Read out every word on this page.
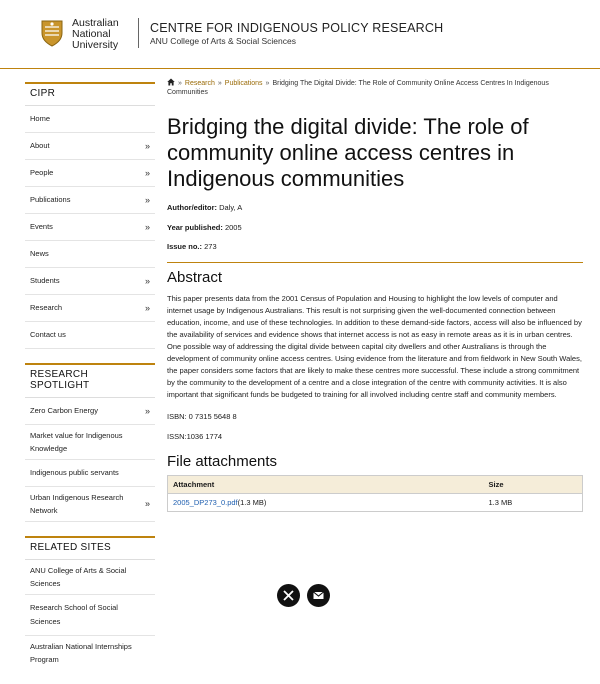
Australian
National
University
CENTRE FOR INDIGENOUS POLICY RESEARCH
ANU College of Arts & Social Sciences
CIPR
Home
About	»
People	»
Publications	»
Events	»
News
Students	»
Research	»
Contact us
RESEARCH SPOTLIGHT
Zero Carbon Energy	»
Market value for Indigenous Knowledge
Indigenous public servants
Urban Indigenous Research Network
»
RELATED SITES
ANU College of Arts & Social Sciences
Research School of Social Sciences
Australian National Internships Program
» Research » Publications » Bridging The Digital Divide: The Role of Community Online Access Centres In Indigenous Communities
Bridging the digital divide: The role of community online access centres in Indigenous communities
Author/editor: Daly, A
Year published: 2005
Issue no.: 273
Abstract

This paper presents data from the 2001 Census of Population and Housing to highlight the low levels of computer and internet usage by Indigenous Australians. This result is not surprising given the well-documented connection between education, income, and use of these technologies. In addition to these demand-side factors, access will also be influenced by the availability of services and evidence shows that internet access is not as easy in remote areas as it is in urban centres. One possible way of addressing the digital divide between capital city dwellers and other Australians is through the development of community online access centres. Using evidence from the literature and from fieldwork in New South Wales, the paper considers some factors that are likely to make these centres more successful. These include a strong commitment by the community to the development of a centre and a close integration of the centre with community activities. It is also important that significant funds be budgeted to training for all involved including centre staff and community members.

ISBN: 0 7315 5648 8
ISSN:1036 1774
File attachments
Attachment	Size
2005_DP273_0.pdf(1.3 MB)	1.3 MB
